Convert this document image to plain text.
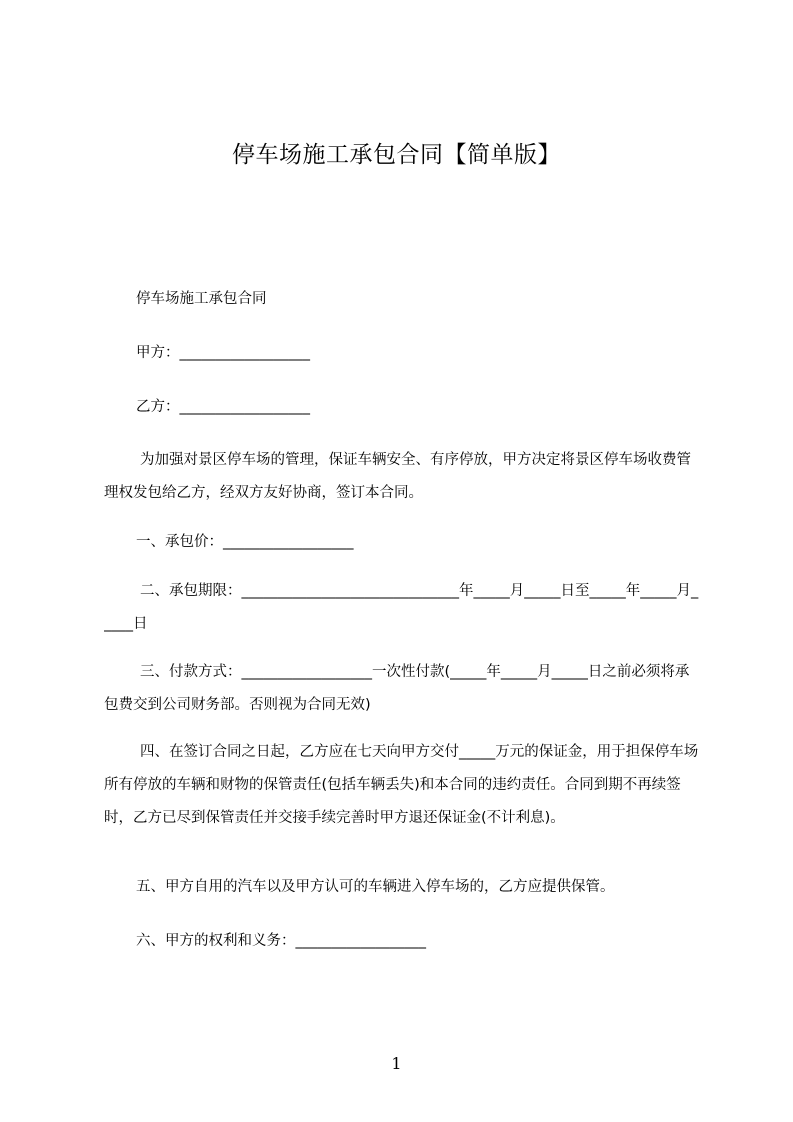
停车场施工承包合同【简单版】
停车场施工承包合同
甲方：__________________
乙方：__________________
为加强对景区停车场的管理，保证车辆安全、有序停放，甲方决定将景区停车场收费管理权发包给乙方，经双方友好协商，签订本合同。
一、承包价：__________________
二、承包期限：______________________________年_____月_____日至_____年_____月_____日
三、付款方式：__________________一次性付款(_____年_____月_____日之前必须将承包费交到公司财务部。否则视为合同无效)
四、在签订合同之日起，乙方应在七天向甲方交付_____万元的保证金，用于担保停车场所有停放的车辆和财物的保管责任(包括车辆丢失)和本合同的违约责任。合同到期不再续签时，乙方已尽到保管责任并交接手续完善时甲方退还保证金(不计利息)。
五、甲方自用的汽车以及甲方认可的车辆进入停车场的，乙方应提供保管。
六、甲方的权利和义务：__________________
1
